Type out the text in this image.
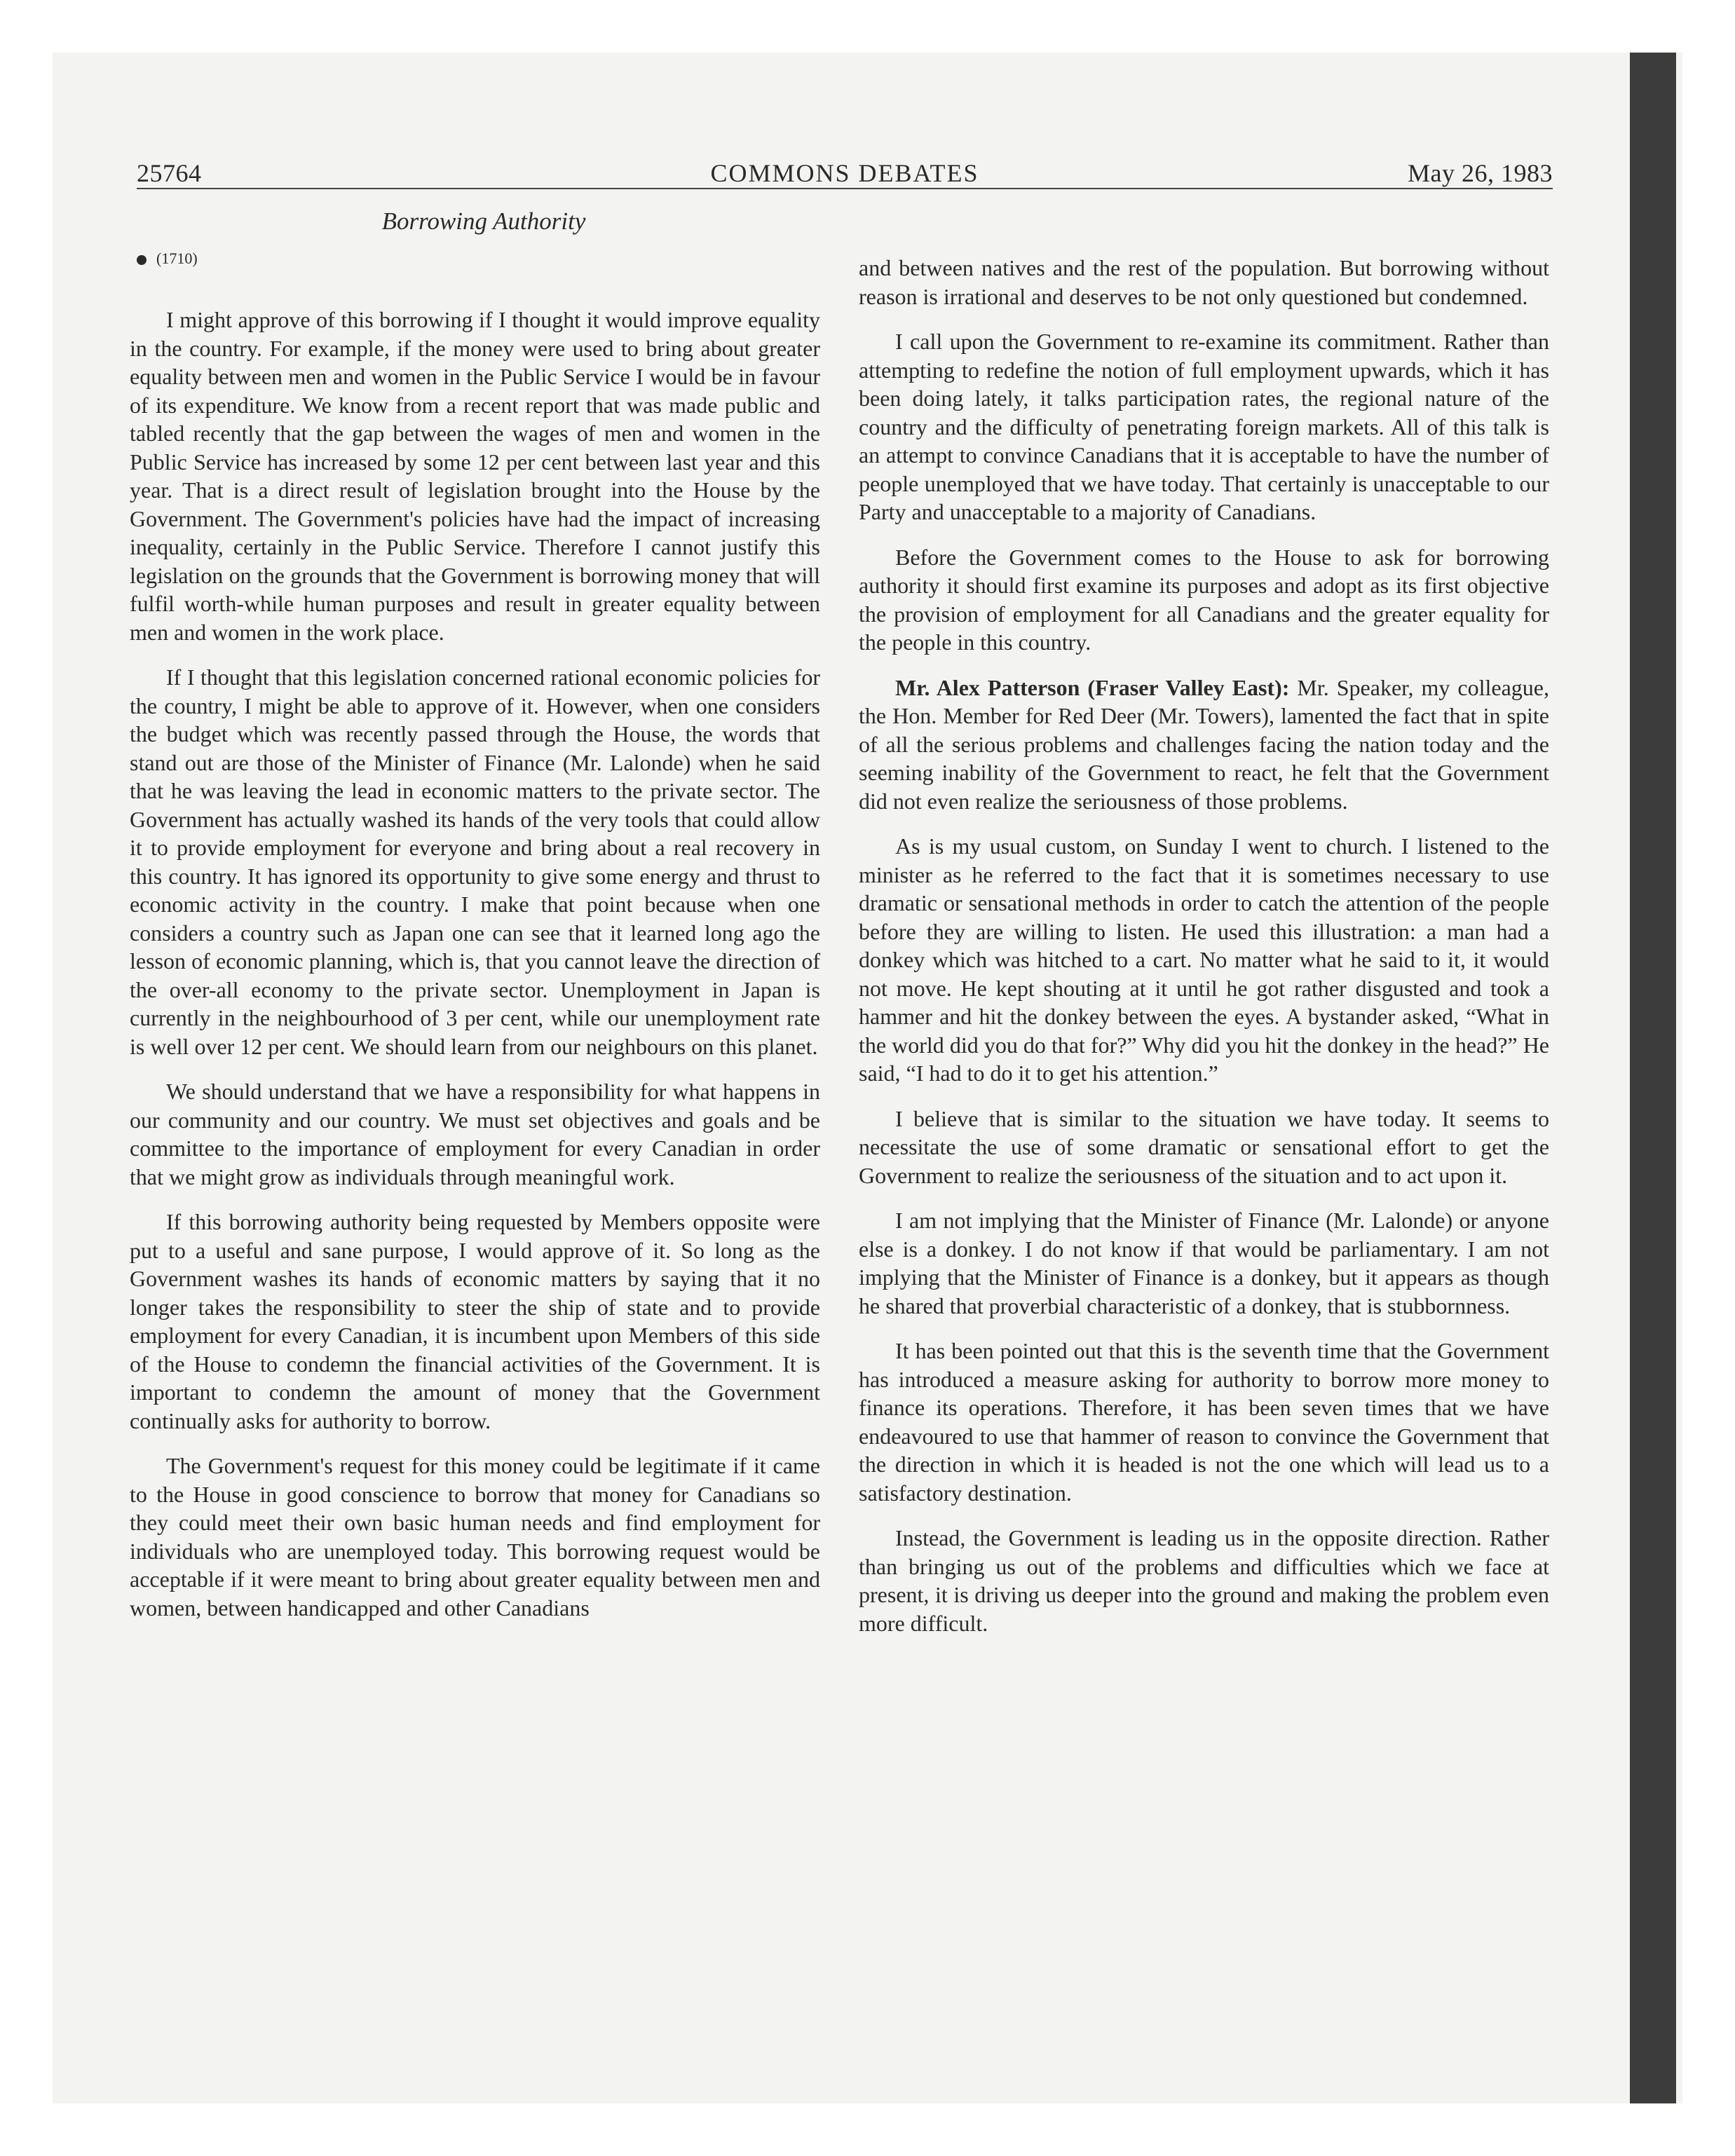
25764	COMMONS DEBATES	May 26, 1983
Borrowing Authority
(1710)

I might approve of this borrowing if I thought it would improve equality in the country. For example, if the money were used to bring about greater equality between men and women in the Public Service I would be in favour of its expenditure. We know from a recent report that was made public and tabled recently that the gap between the wages of men and women in the Public Service has increased by some 12 per cent between last year and this year. That is a direct result of legislation brought into the House by the Government. The Government's policies have had the impact of increasing inequality, certainly in the Public Service. Therefore I cannot justify this legislation on the grounds that the Government is borrowing money that will fulfil worth-while human purposes and result in greater equality between men and women in the work place.

If I thought that this legislation concerned rational economic policies for the country, I might be able to approve of it. However, when one considers the budget which was recently passed through the House, the words that stand out are those of the Minister of Finance (Mr. Lalonde) when he said that he was leaving the lead in economic matters to the private sector. The Government has actually washed its hands of the very tools that could allow it to provide employment for everyone and bring about a real recovery in this country. It has ignored its opportunity to give some energy and thrust to economic activity in the country. I make that point because when one considers a country such as Japan one can see that it learned long ago the lesson of economic planning, which is, that you cannot leave the direction of the over-all economy to the private sector. Unemployment in Japan is currently in the neighbourhood of 3 per cent, while our unemployment rate is well over 12 per cent. We should learn from our neighbours on this planet.

We should understand that we have a responsibility for what happens in our community and our country. We must set objectives and goals and be committee to the importance of employment for every Canadian in order that we might grow as individuals through meaningful work.

If this borrowing authority being requested by Members opposite were put to a useful and sane purpose, I would approve of it. So long as the Government washes its hands of economic matters by saying that it no longer takes the responsibility to steer the ship of state and to provide employment for every Canadian, it is incumbent upon Members of this side of the House to condemn the financial activities of the Government. It is important to condemn the amount of money that the Government continually asks for authority to borrow.

The Government's request for this money could be legitimate if it came to the House in good conscience to borrow that money for Canadians so they could meet their own basic human needs and find employment for individuals who are unemployed today. This borrowing request would be acceptable if it were meant to bring about greater equality between men and women, between handicapped and other Canadians

and between natives and the rest of the population. But borrowing without reason is irrational and deserves to be not only questioned but condemned.

I call upon the Government to re-examine its commitment. Rather than attempting to redefine the notion of full employment upwards, which it has been doing lately, it talks participation rates, the regional nature of the country and the difficulty of penetrating foreign markets. All of this talk is an attempt to convince Canadians that it is acceptable to have the number of people unemployed that we have today. That certainly is unacceptable to our Party and unacceptable to a majority of Canadians.

Before the Government comes to the House to ask for borrowing authority it should first examine its purposes and adopt as its first objective the provision of employment for all Canadians and the greater equality for the people in this country.

Mr. Alex Patterson (Fraser Valley East): Mr. Speaker, my colleague, the Hon. Member for Red Deer (Mr. Towers), lamented the fact that in spite of all the serious problems and challenges facing the nation today and the seeming inability of the Government to react, he felt that the Government did not even realize the seriousness of those problems.

As is my usual custom, on Sunday I went to church. I listened to the minister as he referred to the fact that it is sometimes necessary to use dramatic or sensational methods in order to catch the attention of the people before they are willing to listen. He used this illustration: a man had a donkey which was hitched to a cart. No matter what he said to it, it would not move. He kept shouting at it until he got rather disgusted and took a hammer and hit the donkey between the eyes. A bystander asked, “What in the world did you do that for?” Why did you hit the donkey in the head?” He said, “I had to do it to get his attention.”

I believe that is similar to the situation we have today. It seems to necessitate the use of some dramatic or sensational effort to get the Government to realize the seriousness of the situation and to act upon it.

I am not implying that the Minister of Finance (Mr. Lalonde) or anyone else is a donkey. I do not know if that would be parliamentary. I am not implying that the Minister of Finance is a donkey, but it appears as though he shared that proverbial characteristic of a donkey, that is stubbornness.

It has been pointed out that this is the seventh time that the Government has introduced a measure asking for authority to borrow more money to finance its operations. Therefore, it has been seven times that we have endeavoured to use that hammer of reason to convince the Government that the direction in which it is headed is not the one which will lead us to a satisfactory destination.

Instead, the Government is leading us in the opposite direction. Rather than bringing us out of the problems and difficulties which we face at present, it is driving us deeper into the ground and making the problem even more difficult.
